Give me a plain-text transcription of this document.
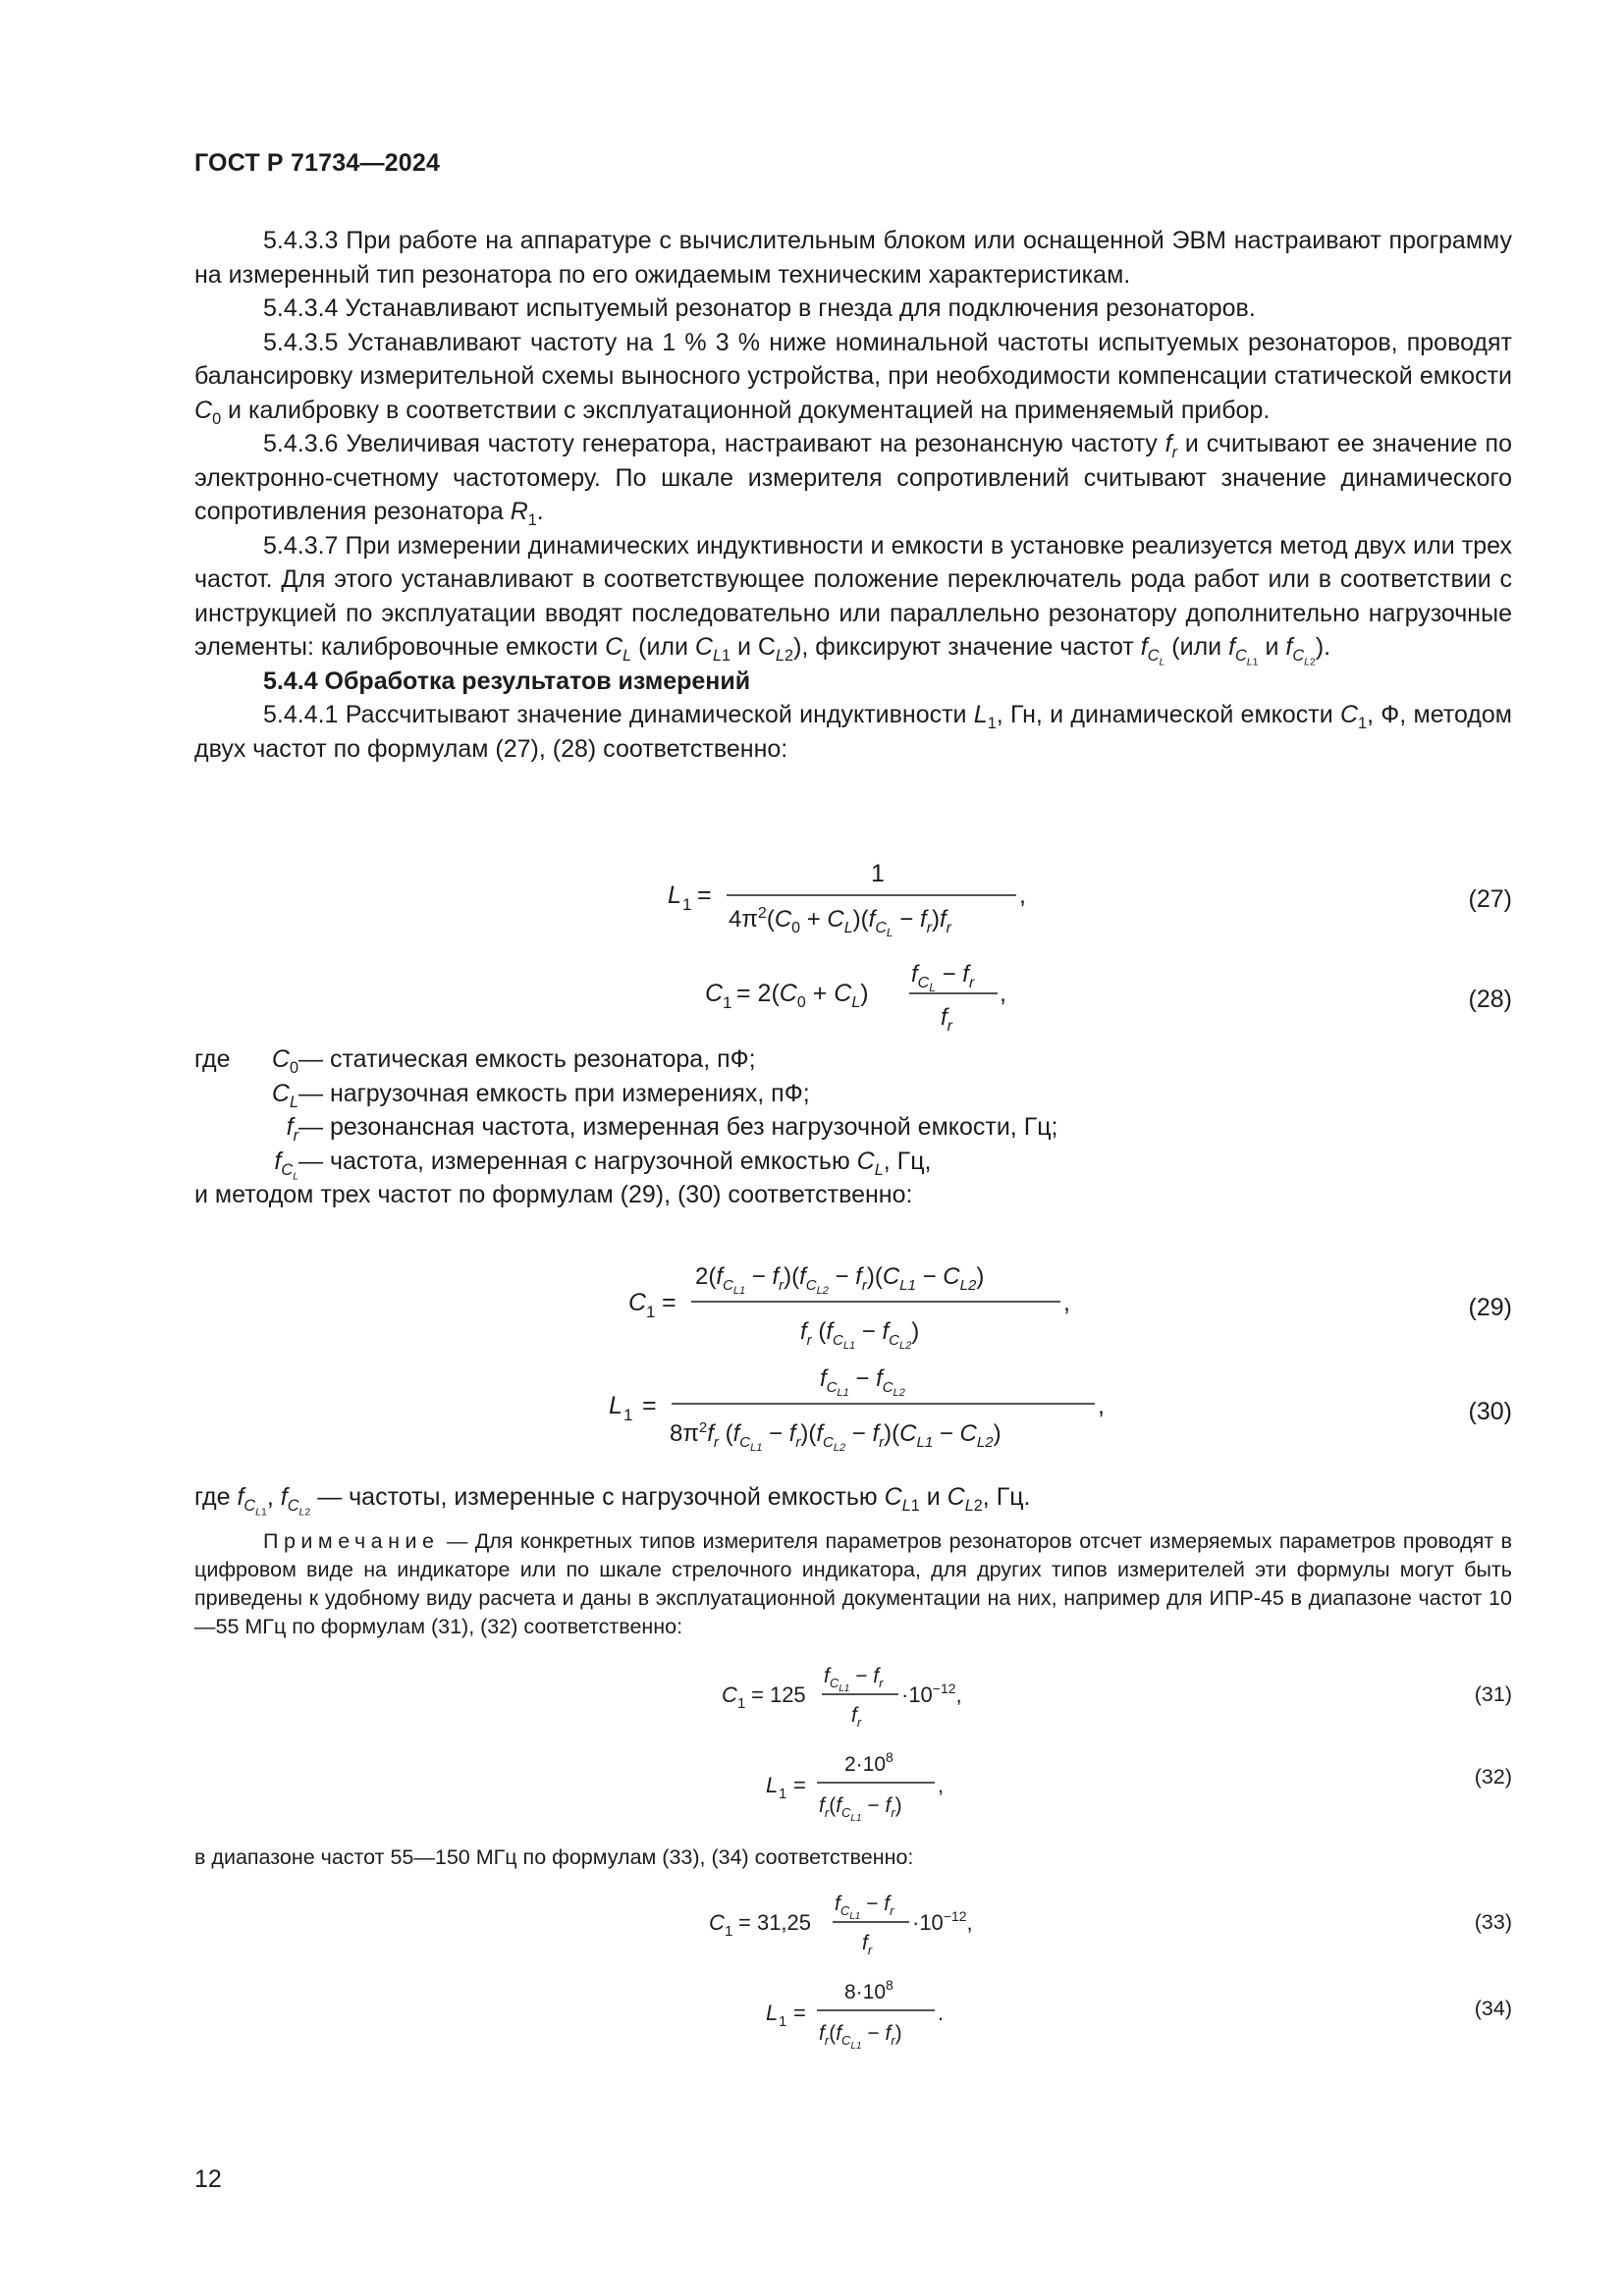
ГОСТ Р 71734—2024

5.4.3.3 При работе на аппаратуре с вычислительным блоком или оснащенной ЭВМ настраивают программу на измеренный тип резонатора по его ожидаемым техническим характеристикам.

5.4.3.4 Устанавливают испытуемый резонатор в гнезда для подключения резонаторов.

5.4.3.5 Устанавливают частоту на 1 % 3 % ниже номинальной частоты испытуемых резонаторов, проводят балансировку измерительной схемы выносного устройства, при необходимости компенсации статической емкости $C_0$ и калибровку в соответствии с эксплуатационной документацией на применяемый прибор.

5.4.3.6 Увеличивая частоту генератора, настраивают на резонансную частоту $f_r$ и считывают ее значение по электронно-счетному частотомеру. По шкале измерителя сопротивлений считывают значение динамического сопротивления резонатора $R_1$.

5.4.3.7 При измерении динамических индуктивности и емкости в установке реализуется метод двух или трех частот. Для этого устанавливают в соответствующее положение переключатель рода работ или в соответствии с инструкцией по эксплуатации вводят последовательно или параллельно резонатору дополнительно нагрузочные элементы: калибровочные емкости $C_L$ (или $C_{L1}$ и $C_{L2}$), фиксируют значение частот $f_{C_L}$ (или $f_{C_{L1}}$ и $f_{C_{L2}}$).

5.4.4 Обработка результатов измерений

5.4.4.1 Рассчитывают значение динамической индуктивности $L_1$, Гн, и динамической емкости $C_1$, Ф, методом двух частот по формулам (27), (28) соответственно:

L 1 =
1
$4\pi^2(C_0 + C_L)(f_CL - f_r)f_r$
,	(27)
C $1 = 2(C_0 + C_L)$
$f_CL - f_r$
$f_r$
,	(28)
где	$C_0$ — статическая емкость резонатора, пФ;
$C_L$ — нагрузочная емкость при измерениях, пФ;
$f_r$ — резонансная частота, измеренная без нагрузочной емкости, Гц;
$f_{C_L}$
— частота, измеренная с нагрузочной емкостью $C_L$, Гц,
и методом трех частот по формулам (29), (30) соответственно:
C 1 =
$2(f_CL1 - f_r)(f_CL2 - f_r)(C_{L1} - C_{L2})$
$f_r$ $(f_CL1 - f_CL2)$
,	(29)
L 1 =
$f_CL1 - f_CL2$
$8\pi^2f_r$ $(f_CL1 - f_r)(f_CL2 - f_r)(C_{L1} - C_{L2})$
,	(30)
где $f_{C_{L1}}$, $f_{C_{L2}}$ — частоты, измеренные с нагрузочной емкостью $C_{L1}$ и $C_{L2}$, Гц.
Примечание — Для конкретных типов измерителя параметров резонаторов отсчет измеряемых параметров проводят в цифровом виде на индикаторе или по шкале стрелочного индикатора, для других типов измерителей эти формулы могут быть приведены к удобному виду расчета и даны в эксплуатационной документации на них, например для ИПР-45 в диапазоне частот 10—55 МГц по формулам (31), (32) соответственно:
C 1 = 125
$f_CL1 - f_r$
$f_r$
$\cdot 10^{-12}$,	(31)
L 1 =
$2\cdot 10^8$
$f_r(f_CL1 - f_r)$
,	(32)
в диапазоне частот 55—150 МГц по формулам (33), (34) соответственно:
C 1 = 31,25
$f_CL1 - f_r$
$f_r$
$\cdot 10^{-12}$,	(33)
L 1 =
$8\cdot 10^8$
$f_r(f_CL1 - f_r)$
.	(34)
12
